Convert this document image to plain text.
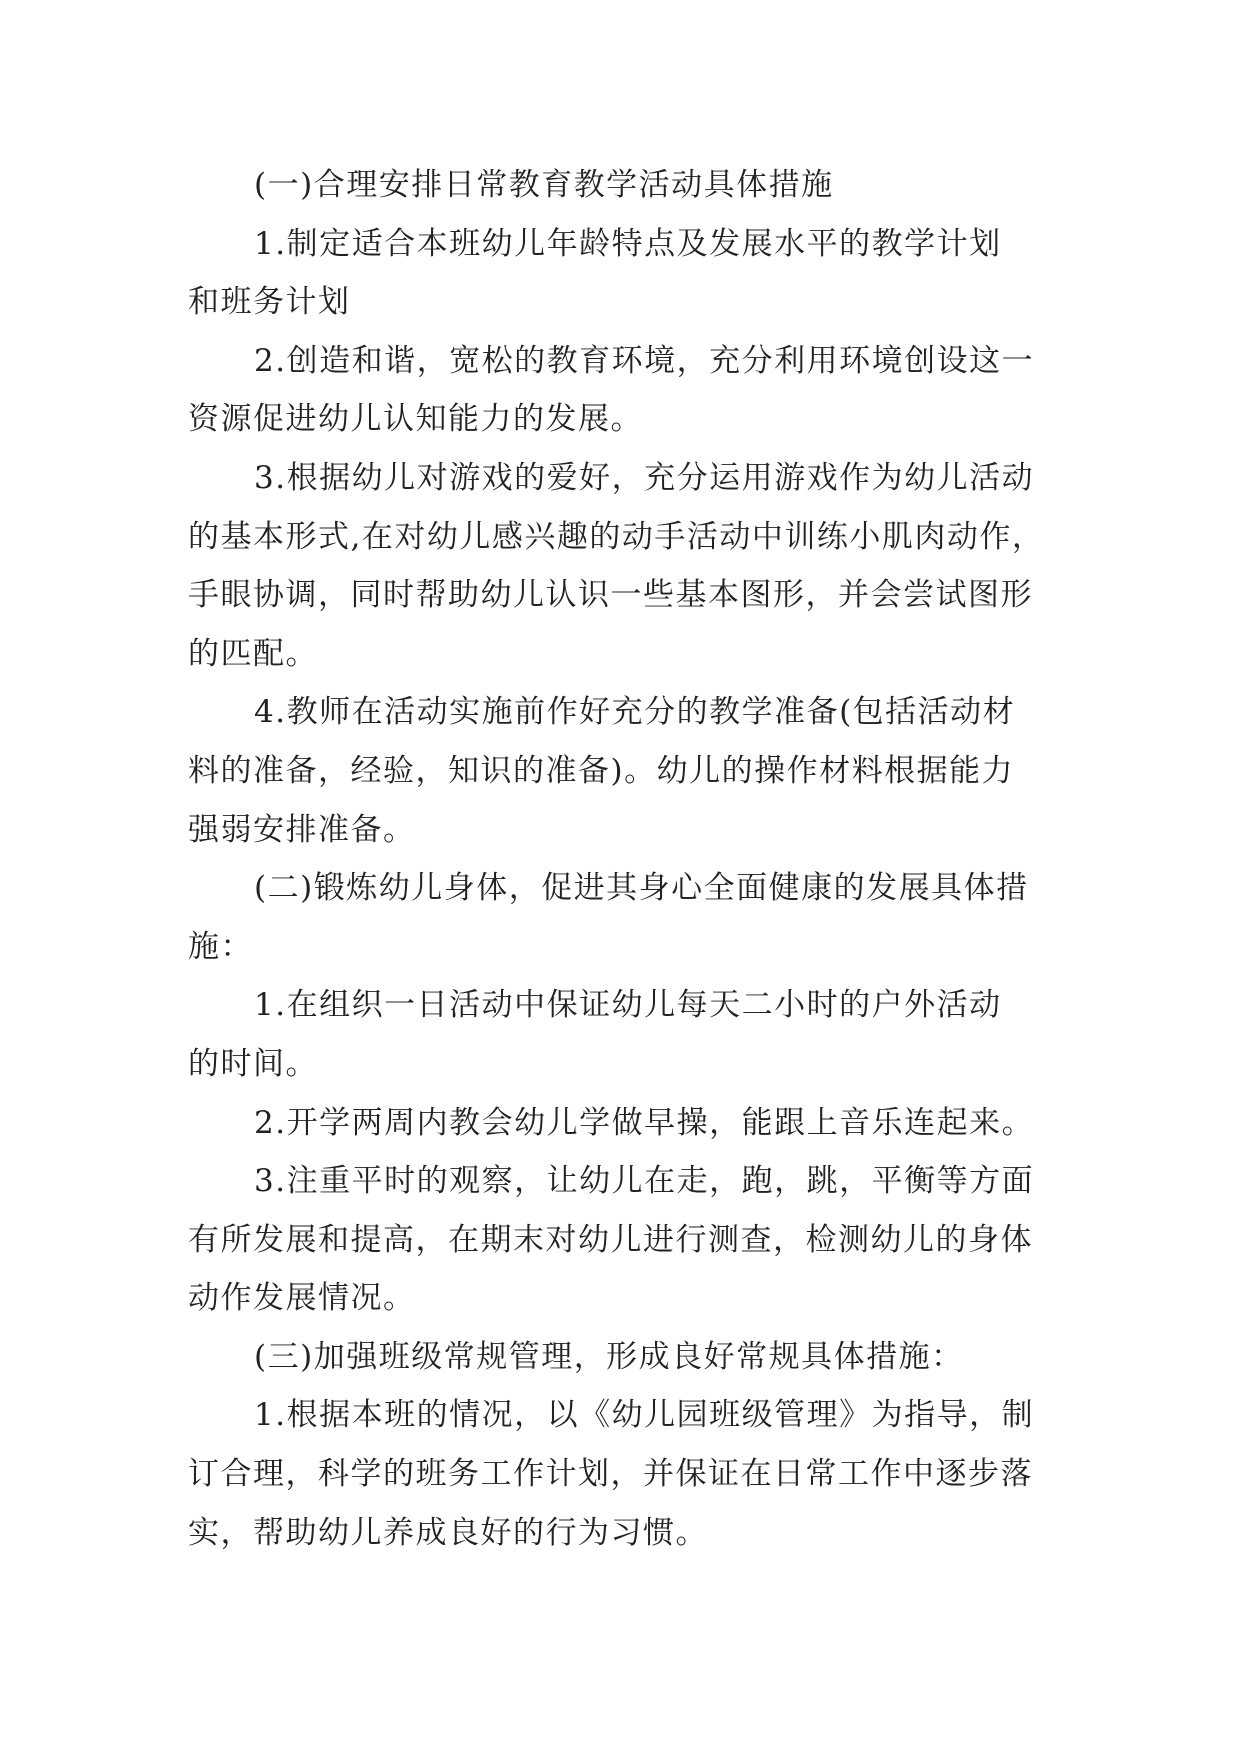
(一)合理安排日常教育教学活动具体措施

1.制定适合本班幼儿年龄特点及发展水平的教学计划
和班务计划

2.创造和谐，宽松的教育环境，充分利用环境创设这一
资源促进幼儿认知能力的发展。

3.根据幼儿对游戏的爱好，充分运用游戏作为幼儿活动
的基本形式,在对幼儿感兴趣的动手活动中训练小肌肉动作，
手眼协调，同时帮助幼儿认识一些基本图形，并会尝试图形
的匹配。

4.教师在活动实施前作好充分的教学准备(包括活动材
料的准备，经验，知识的准备)。幼儿的操作材料根据能力
强弱安排准备。

(二)锻炼幼儿身体，促进其身心全面健康的发展具体措
施：

1.在组织一日活动中保证幼儿每天二小时的户外活动
的时间。

2.开学两周内教会幼儿学做早操，能跟上音乐连起来。

3.注重平时的观察，让幼儿在走，跑，跳，平衡等方面
有所发展和提高，在期末对幼儿进行测查，检测幼儿的身体
动作发展情况。

(三)加强班级常规管理，形成良好常规具体措施：

1.根据本班的情况，以《幼儿园班级管理》为指导，制
订合理，科学的班务工作计划，并保证在日常工作中逐步落
实，帮助幼儿养成良好的行为习惯。
